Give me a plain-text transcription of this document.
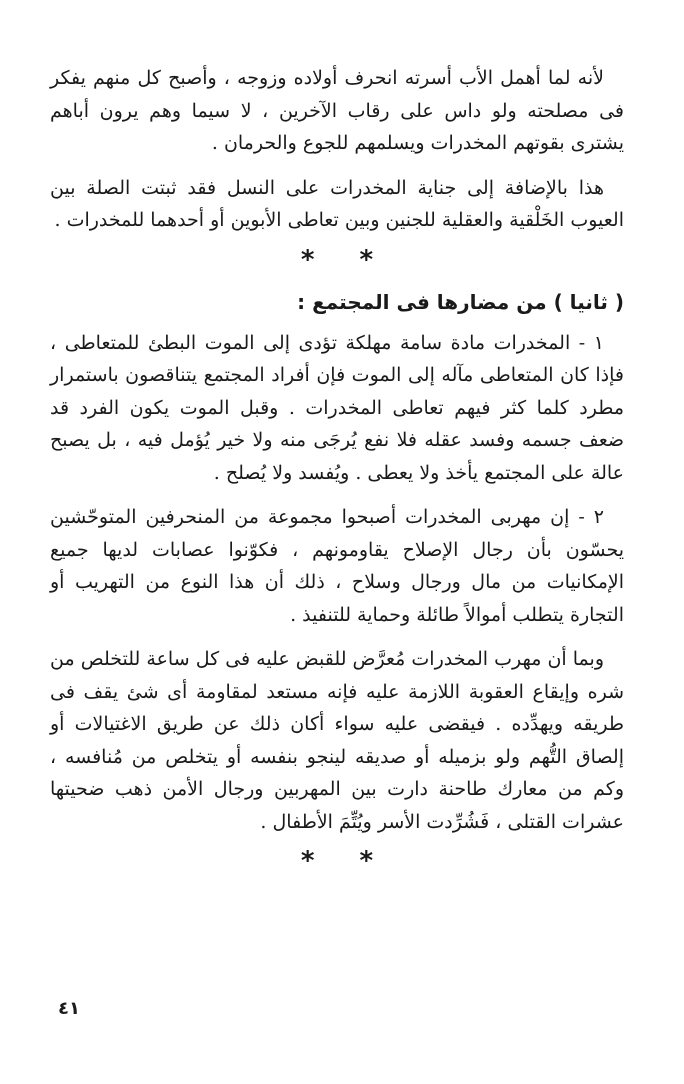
لأنه لما أهمل الأب أسرته انحرف أولاده وزوجه ، وأصبح كل منهم يفكر فى مصلحته ولو داس على رقاب الآخرين ، لا سيما وهم يرون أباهم يشترى بقوتهم المخدرات ويسلمهم للجوع والحرمان .

هذا بالإضافة إلى جناية المخدرات على النسل فقد ثبتت الصلة بين العيوب الخَلْقية والعقلية للجنين وبين تعاطى الأبوين أو أحدهما للمخدرات .

* *
( ثانيا ) من مضارها فى المجتمع :

١ - المخدرات مادة سامة مهلكة تؤدى إلى الموت البطئ للمتعاطى ، فإذا كان المتعاطى مآله إلى الموت فإن أفراد المجتمع يتناقصون باستمرار مطرد كلما كثر فيهم تعاطى المخدرات . وقبل الموت يكون الفرد قد ضعف جسمه وفسد عقله فلا نفع يُرجَى منه ولا خير يُؤمل فيه ، بل يصبح عالة على المجتمع يأخذ ولا يعطى . ويُفسد ولا يُصلح .

٢ - إن مهربى المخدرات أصبحوا مجموعة من المنحرفين المتوحّشين يحسّون بأن رجال الإصلاح يقاومونهم ، فكوّنوا عصابات لديها جميع الإمكانيات من مال ورجال وسلاح ، ذلك أن هذا النوع من التهريب أو التجارة يتطلب أموالاً طائلة وحماية للتنفيذ .

وبما أن مهرب المخدرات مُعرَّض للقبض عليه فى كل ساعة للتخلص من شره وإيقاع العقوبة اللازمة عليه فإنه مستعد لمقاومة أى شئ يقف فى طريقه ويهدِّده . فيقضى عليه سواء أكان ذلك عن طريق الاغتيالات أو إلصاق التُّهم ولو بزميله أو صديقه لينجو بنفسه أو يتخلص من مُنافسه ، وكم من معارك طاحنة دارت بين المهربين ورجال الأمن ذهب ضحيتها عشرات القتلى ، فَشُرِّدت الأسر ويُتِّمَ الأطفال .

* *
٤١
